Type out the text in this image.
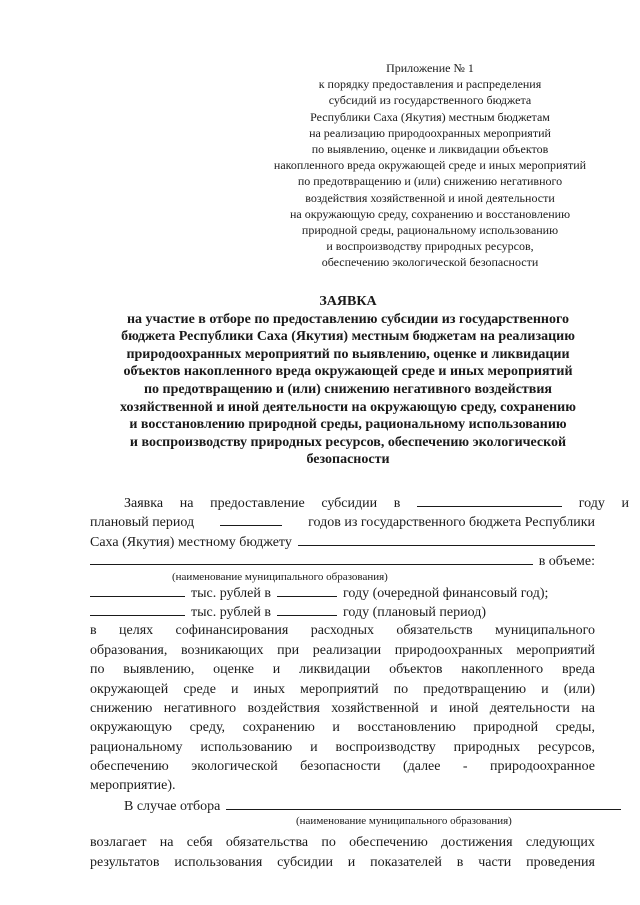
Приложение № 1
к порядку предоставления и распределения
субсидий из государственного бюджета
Республики Саха (Якутия) местным бюджетам
на реализацию природоохранных мероприятий
по выявлению, оценке и ликвидации объектов
накопленного вреда окружающей среде и иных мероприятий
по предотвращению и (или) снижению негативного
воздействия хозяйственной и иной деятельности
на окружающую среду, сохранению и восстановлению
природной среды, рациональному использованию
и воспроизводству природных ресурсов,
обеспечению экологической безопасности
ЗАЯВКА
на участие в отборе по предоставлению субсидии из государственного
бюджета Республики Саха (Якутия) местным бюджетам на реализацию
природоохранных мероприятий по выявлению, оценке и ликвидации
объектов накопленного вреда окружающей среде и иных мероприятий
по предотвращению и (или) снижению негативного воздействия
хозяйственной и иной деятельности на окружающую среду, сохранению
и восстановлению природной среды, рациональному использованию
и воспроизводству природных ресурсов, обеспечению экологической
безопасности
Заявка на предоставление субсидии в	году и
плановый период	годов из государственного бюджета Республики
Саха (Якутия) местному бюджету
в объеме:
(наименование муниципального образования)
тыс. рублей в	году (очередной финансовый год);
тыс. рублей в	году (плановый период)
в целях софинансирования расходных обязательств муниципального
образования, возникающих при реализации природоохранных мероприятий
по выявлению, оценке и ликвидации объектов накопленного вреда
окружающей среде и иных мероприятий по предотвращению и (или)
снижению негативного воздействия хозяйственной и иной деятельности на
окружающую среду, сохранению и восстановлению природной среды,
рациональному использованию и воспроизводству природных ресурсов,
обеспечению экологической безопасности (далее - природоохранное
мероприятие).
В случае отбора
(наименование муниципального образования)
возлагает на себя обязательства по обеспечению достижения следующих
результатов использования субсидии и показателей в части проведения
